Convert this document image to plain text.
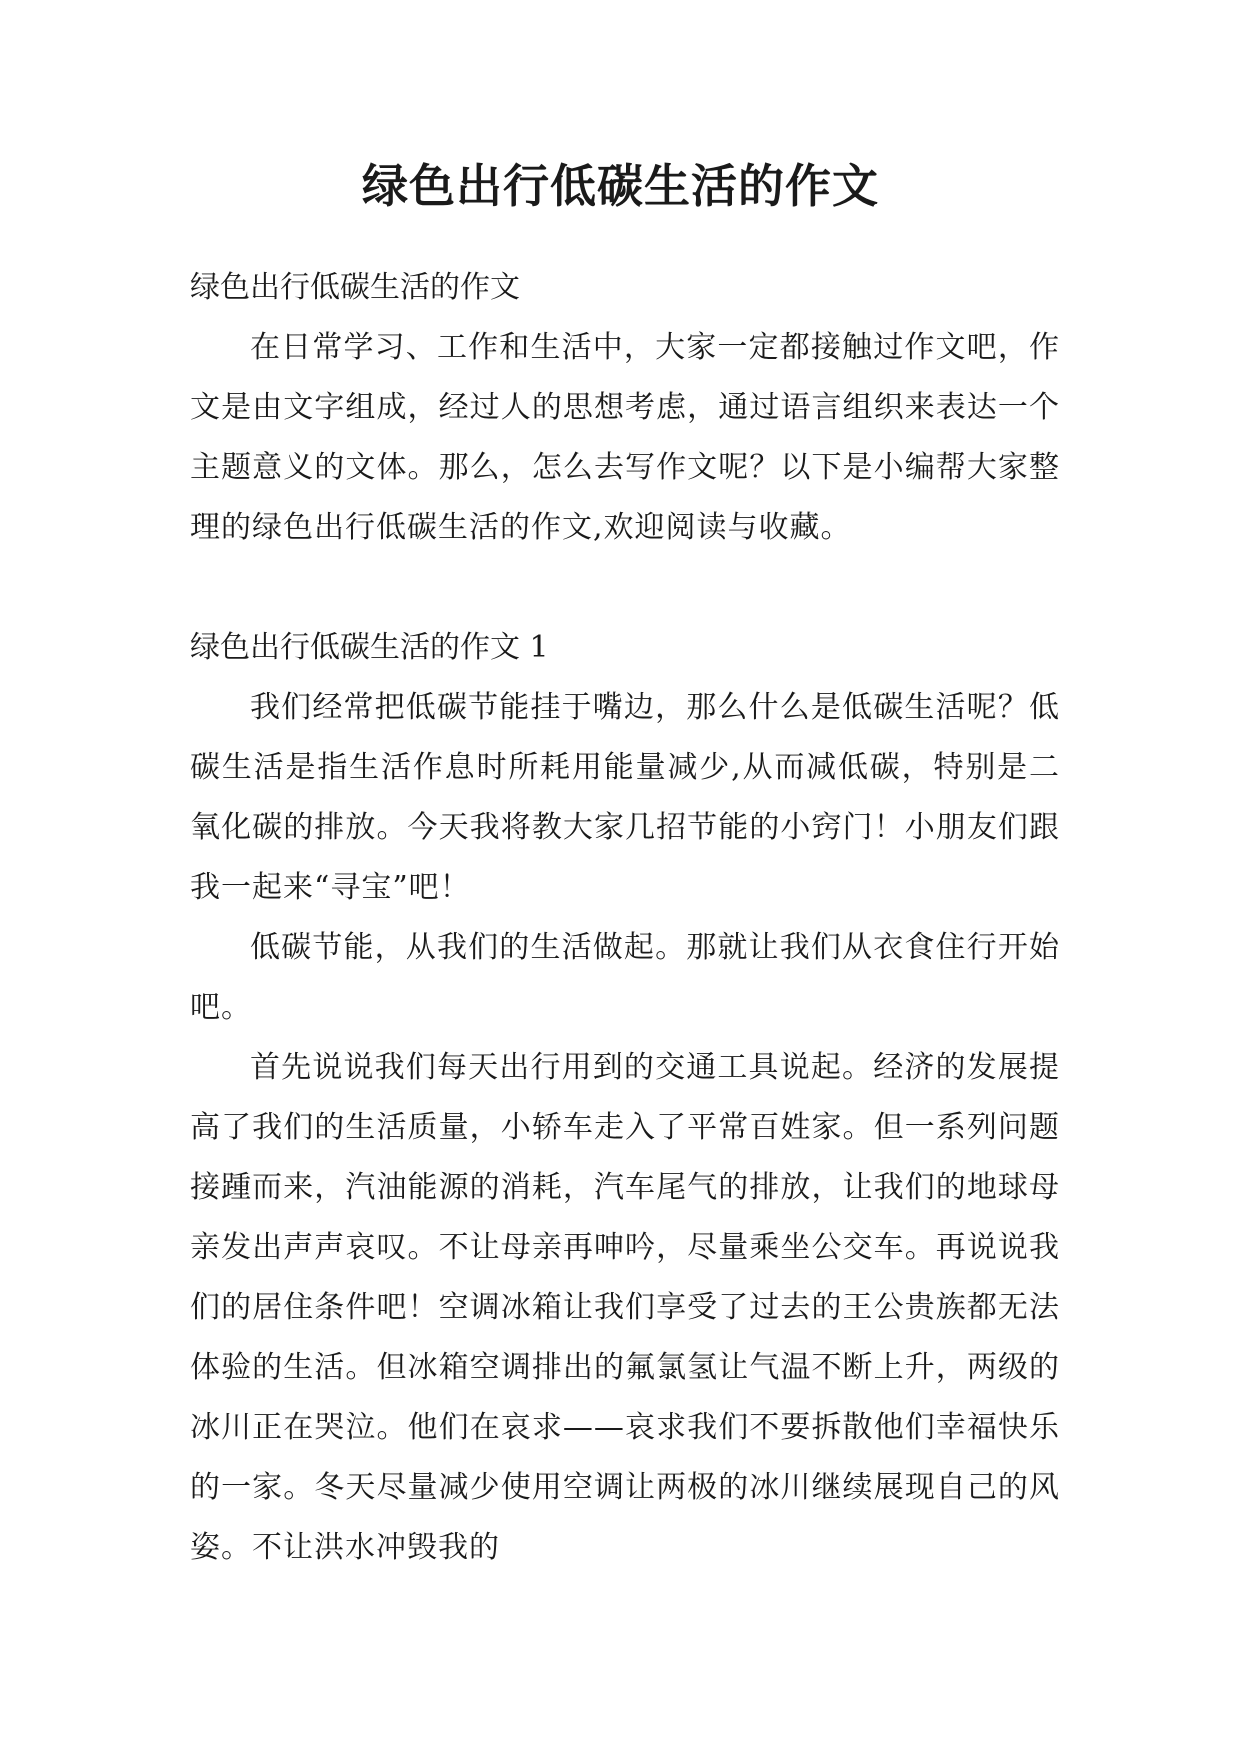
绿色出行低碳生活的作文

绿色出行低碳生活的作文

在日常学习、工作和生活中，大家一定都接触过作文吧，作文是由文字组成，经过人的思想考虑，通过语言组织来表达一个主题意义的文体。那么，怎么去写作文呢？以下是小编帮大家整理的绿色出行低碳生活的作文,欢迎阅读与收藏。

绿色出行低碳生活的作文 1

我们经常把低碳节能挂于嘴边，那么什么是低碳生活呢？低碳生活是指生活作息时所耗用能量减少,从而减低碳，特别是二氧化碳的排放。今天我将教大家几招节能的小窍门！小朋友们跟我一起来“寻宝”吧！

低碳节能，从我们的生活做起。那就让我们从衣食住行开始吧。

首先说说我们每天出行用到的交通工具说起。经济的发展提高了我们的生活质量，小轿车走入了平常百姓家。但一系列问题接踵而来，汽油能源的消耗，汽车尾气的排放，让我们的地球母亲发出声声哀叹。不让母亲再呻吟，尽量乘坐公交车。再说说我们的居住条件吧！空调冰箱让我们享受了过去的王公贵族都无法体验的生活。但冰箱空调排出的氟氯氢让气温不断上升，两级的冰川正在哭泣。他们在哀求——哀求我们不要拆散他们幸福快乐的一家。冬天尽量减少使用空调让两极的冰川继续展现自己的风姿。不让洪水冲毁我的
